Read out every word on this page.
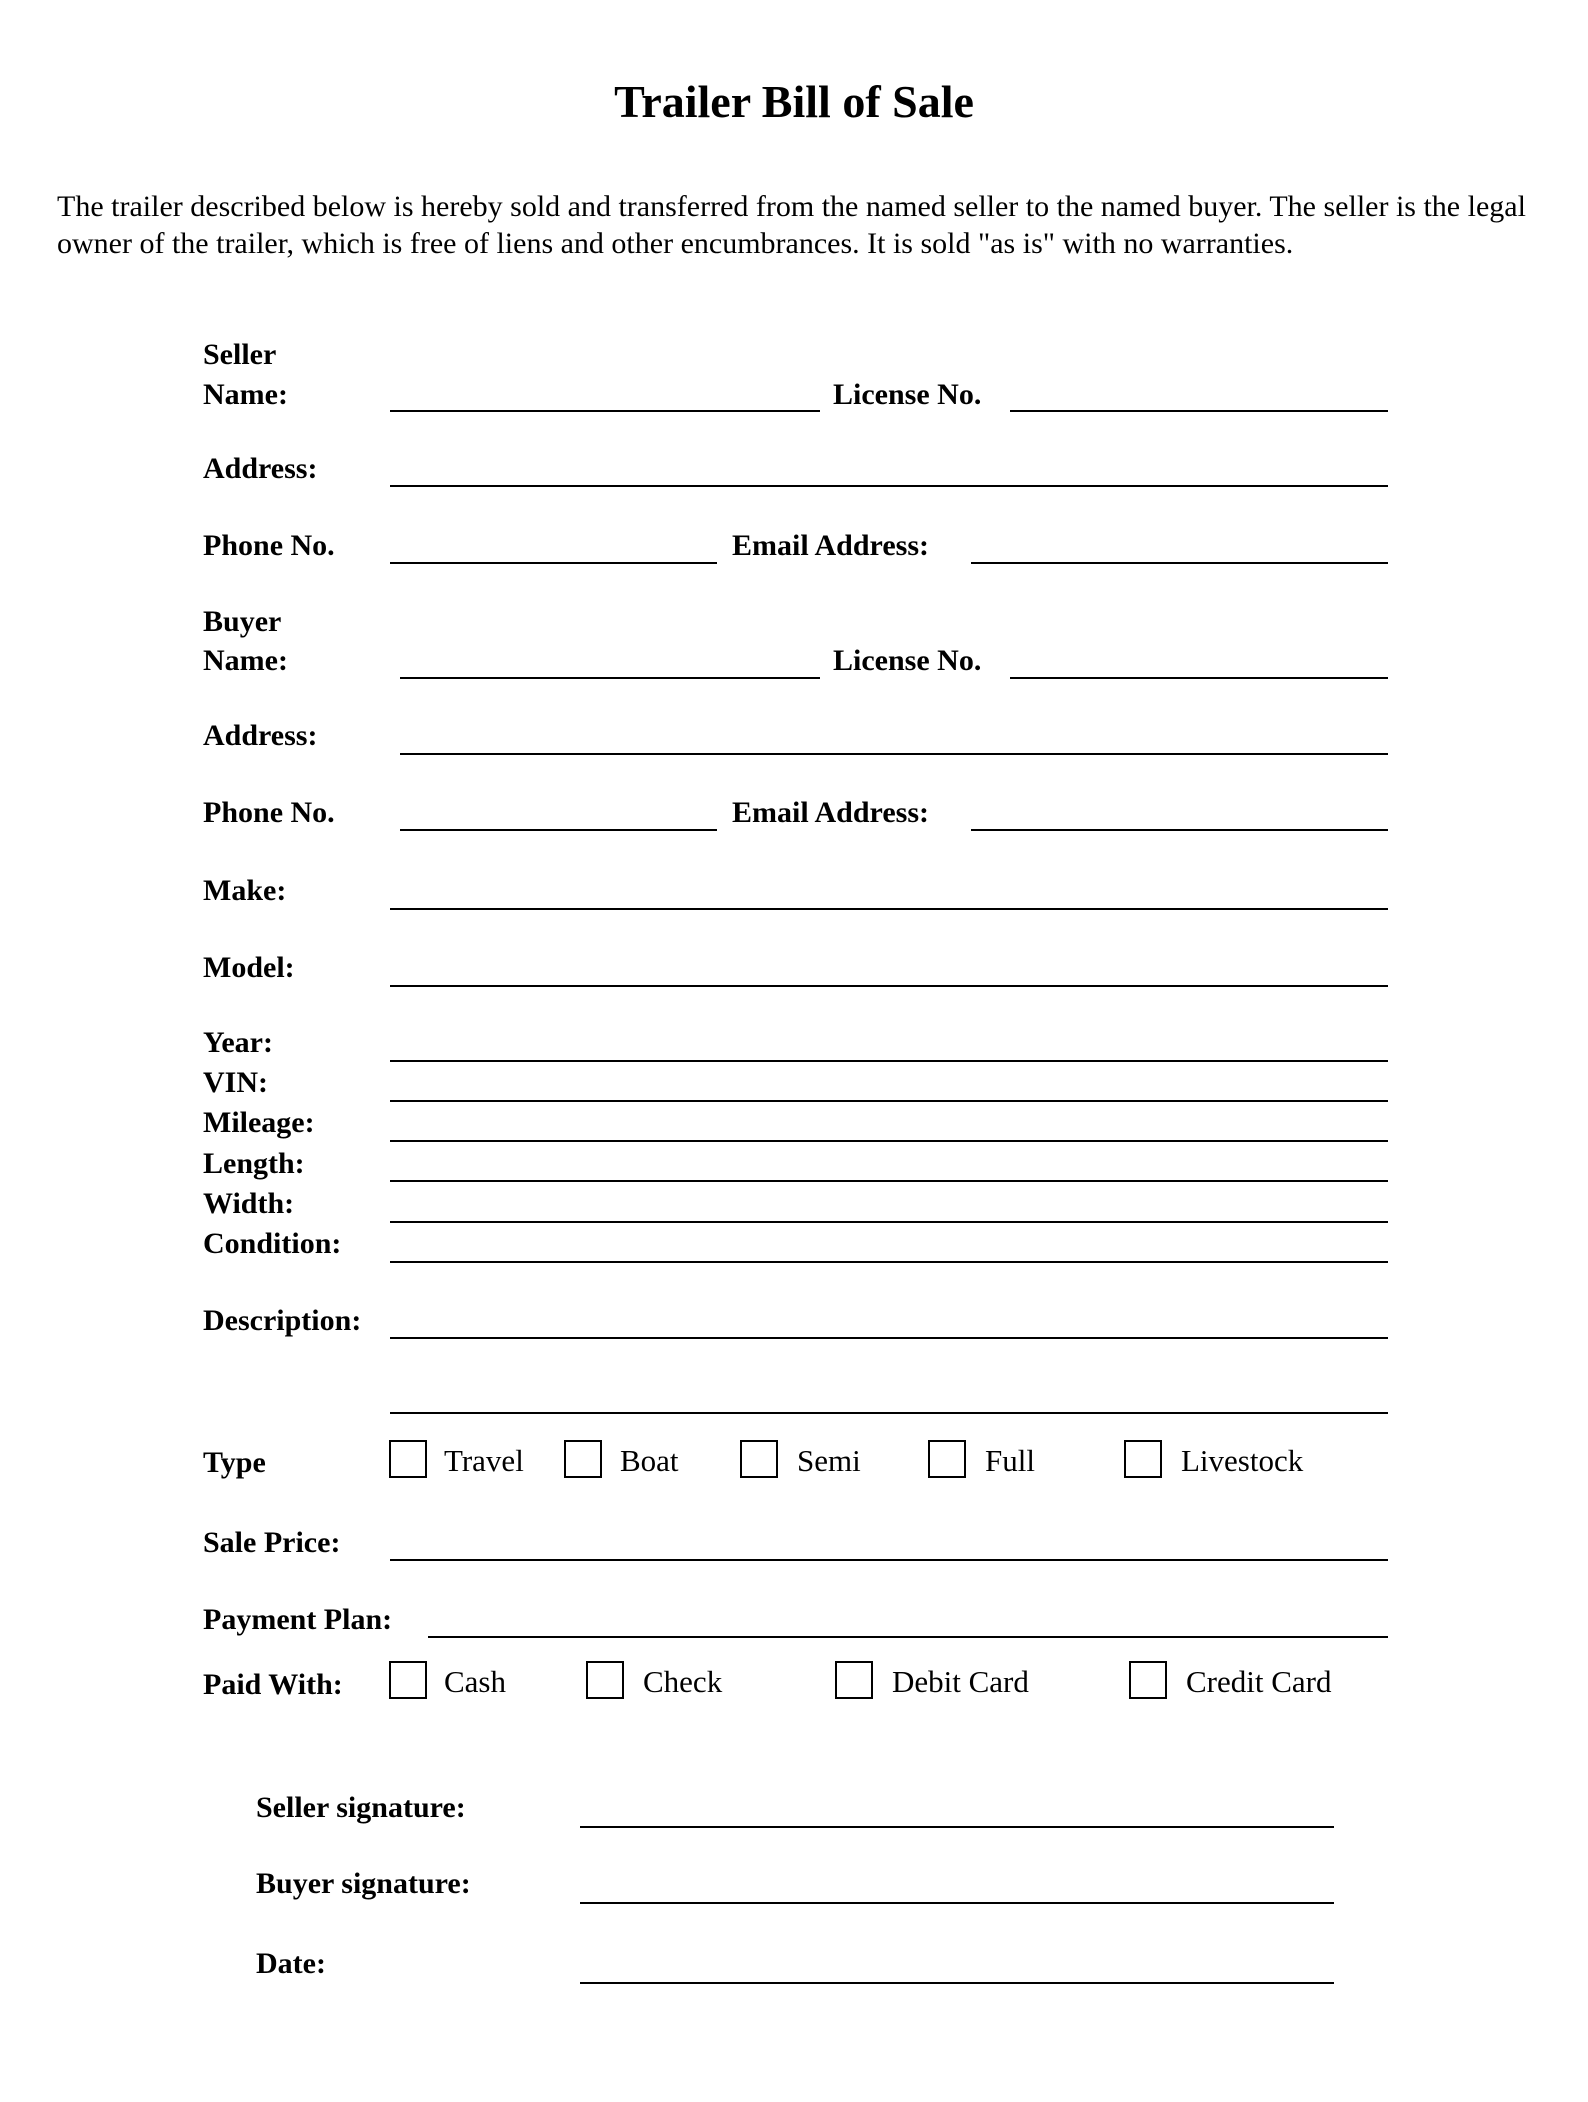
Trailer Bill of Sale
The trailer described below is hereby sold and transferred from the named seller to the named buyer. The seller is the legal owner of the trailer, which is free of liens and other encumbrances. It is sold "as is" with no warranties.
Seller
Name:	License No.
Address:
Phone No.	Email Address:
Buyer
Name:	License No.
Address:
Phone No.	Email Address:
Make:
Model:
Year:
VIN:
Mileage:
Length:
Width:
Condition:
Description:
Type	Travel	Boat	Semi	Full	Livestock
Sale Price:
Payment Plan:
Paid With:	Cash	Check	Debit Card	Credit Card
Seller signature:
Buyer signature:
Date:
